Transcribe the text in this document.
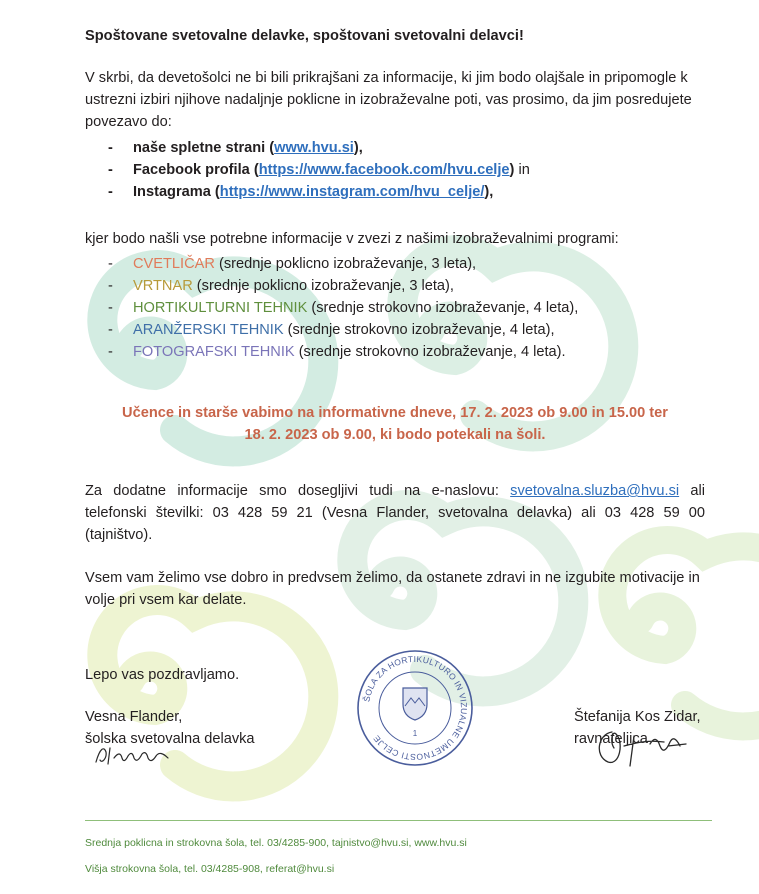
ŠOLA ZA HORTIKULTURO IN VIZUALNE UMETNOSTI CELJE	1
Spoštovane svetovalne delavke, spoštovani svetovalni delavci!
V skrbi, da devetošolci ne bi bili prikrajšani za informacije, ki jim bodo olajšale in pripomogle k ustrezni izbiri njihove nadaljnje poklicne in izobraževalne poti, vas prosimo, da jim posredujete povezavo do:
- naše spletne strani (www.hvu.si),
- Facebook profila (https://www.facebook.com/hvu.celje) in
- Instagrama (https://www.instagram.com/hvu_celje/),
kjer bodo našli vse potrebne informacije v zvezi z našimi izobraževalnimi programi:
- CVETLIČAR (srednje poklicno izobraževanje, 3 leta),
- VRTNAR (srednje poklicno izobraževanje, 3 leta),
- HORTIKULTURNI TEHNIK (srednje strokovno izobraževanje, 4 leta),
- ARANŽERSKI TEHNIK (srednje strokovno izobraževanje, 4 leta),
- FOTOGRAFSKI TEHNIK (srednje strokovno izobraževanje, 4 leta).
Učence in starše vabimo na informativne dneve, 17. 2. 2023 ob 9.00 in 15.00 ter
18. 2. 2023 ob 9.00, ki bodo potekali na šoli.
Za dodatne informacije smo dosegljivi tudi na e-naslovu: svetovalna.sluzba@hvu.si ali telefonski številki: 03 428 59 21 (Vesna Flander, svetovalna delavka) ali 03 428 59 00 (tajništvo).
Vsem vam želimo vse dobro in predvsem želimo, da ostanete zdravi in ne izgubite motivacije in volje pri vsem kar delate.
Lepo vas pozdravljamo.
Vesna Flander,
šolska svetovalna delavka
Štefanija Kos Zidar,
ravnateljica
Srednja poklicna in strokovna šola, tel. 03/4285-900, tajnistvo@hvu.si, www.hvu.si
Višja strokovna šola, tel. 03/4285-908, referat@hvu.si
